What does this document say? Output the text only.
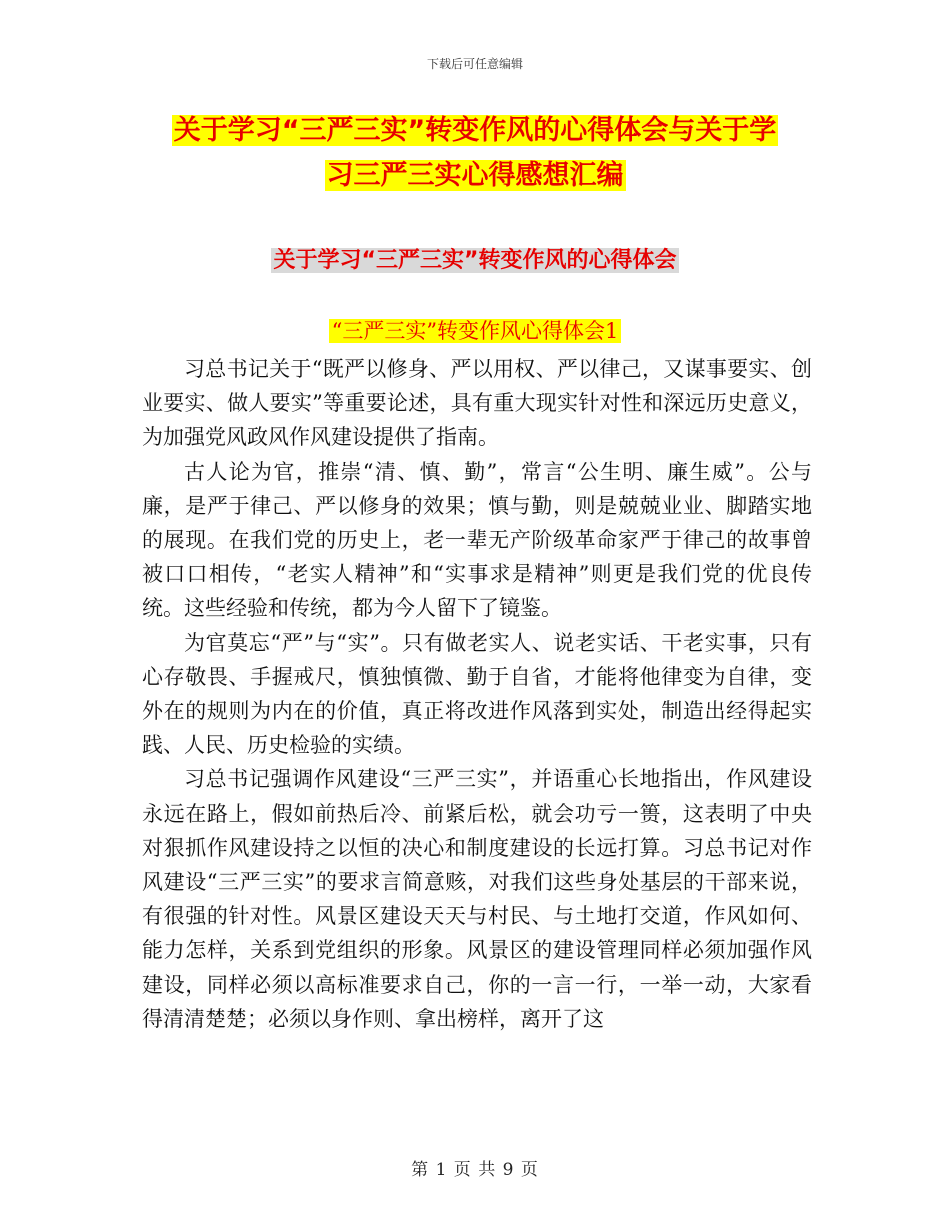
下载后可任意编辑
关于学习“三严三实”转变作风的心得体会与关于学
习三严三实心得感想汇编
关于学习“三严三实”转变作风的心得体会
“三严三实”转变作风心得体会1

习总书记关于“既严以修身、严以用权、严以律己，又谋事要实、创业要实、做人要实”等重要论述，具有重大现实针对性和深远历史意义，为加强党风政风作风建设提供了指南。

古人论为官，推崇“清、慎、勤”，常言“公生明、廉生威”。公与廉，是严于律己、严以修身的效果；慎与勤，则是兢兢业业、脚踏实地的展现。在我们党的历史上，老一辈无产阶级革命家严于律己的故事曾被口口相传，“老实人精神”和“实事求是精神”则更是我们党的优良传统。这些经验和传统，都为今人留下了镜鉴。

为官莫忘“严”与“实”。只有做老实人、说老实话、干老实事，只有心存敬畏、手握戒尺，慎独慎微、勤于自省，才能将他律变为自律，变外在的规则为内在的价值，真正将改进作风落到实处，制造出经得起实践、人民、历史检验的实绩。

习总书记强调作风建设“三严三实”，并语重心长地指出，作风建设永远在路上，假如前热后冷、前紧后松，就会功亏一篑，这表明了中央对狠抓作风建设持之以恒的决心和制度建设的长远打算。习总书记对作风建设“三严三实”的要求言简意赅，对我们这些身处基层的干部来说，有很强的针对性。风景区建设天天与村民、与土地打交道，作风如何、能力怎样，关系到党组织的形象。风景区的建设管理同样必须加强作风建设，同样必须以高标准要求自己，你的一言一行，一举一动，大家看得清清楚楚；必须以身作则、拿出榜样，离开了这

第 1 页 共 9 页
